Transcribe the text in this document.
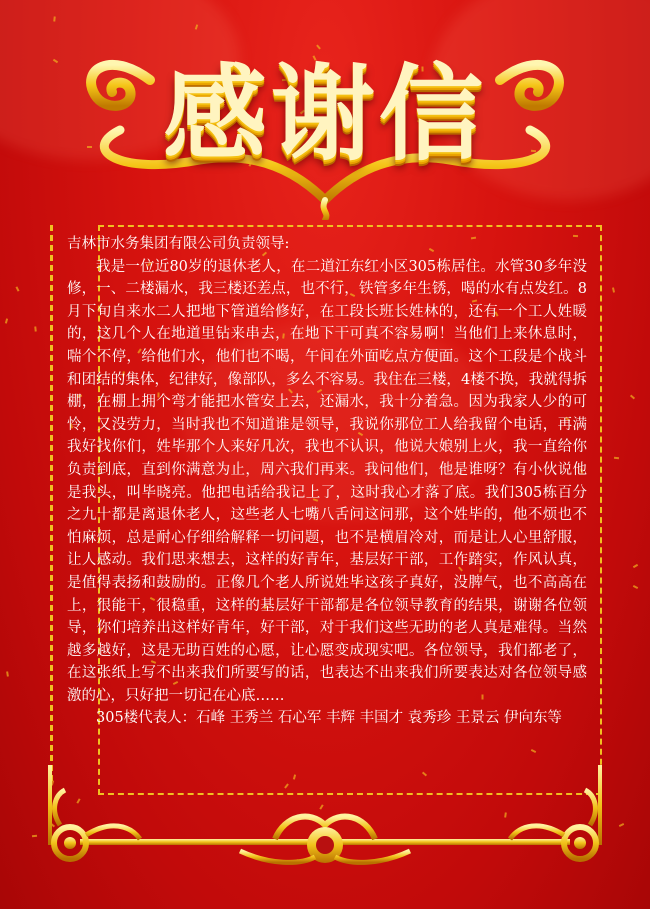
感谢信

吉林市水务集团有限公司负责领导:

我是一位近80岁的退休老人，在二道江东红小区305栋居住。水管30多年没修，一、二楼漏水，我三楼还差点，也不行，铁管多年生锈，喝的水有点发红。8月下旬自来水二人把地下管道给修好，在工段长班长姓林的，还有一个工人姓暖的，这几个人在地道里钻来串去，在地下干可真不容易啊！当他们上来休息时，喘个不停，给他们水，他们也不喝，午间在外面吃点方便面。这个工段是个战斗和团结的集体，纪律好，像部队，多么不容易。我住在三楼，4楼不换，我就得拆棚，在棚上拥个弯才能把水管安上去，还漏水，我十分着急。因为我家人少的可怜，又没劳力，当时我也不知道谁是领导，我说你那位工人给我留个电话，再满我好找你们，姓毕那个人来好几次，我也不认识，他说大娘别上火，我一直给你负责到底，直到你满意为止，周六我们再来。我问他们，他是谁呀？有小伙说他是我头，叫毕晓亮。他把电话给我记上了，这时我心才落了底。我们305栋百分之九十都是离退休老人，这些老人七嘴八舌问这问那，这个姓毕的，他不烦也不怕麻烦，总是耐心仔细给解释一切问题，也不是横眉冷对，而是让人心里舒服，让人感动。我们思来想去，这样的好青年，基层好干部，工作踏实，作风认真，是值得表扬和鼓励的。正像几个老人所说姓毕这孩子真好，没脾气，也不高高在上，很能干，很稳重，这样的基层好干部都是各位领导教育的结果，谢谢各位领导，你们培养出这样好青年，好干部，对于我们这些无助的老人真是难得。当然越多越好，这是无助百姓的心愿，让心愿变成现实吧。各位领导，我们都老了，在这张纸上写不出来我们所要写的话，也表达不出来我们所要表达对各位领导感激的心，只好把一切记在心底……

305楼代表人：石峰 王秀兰 石心军 丰辉 丰国才 袁秀珍 王景云 伊向东等
